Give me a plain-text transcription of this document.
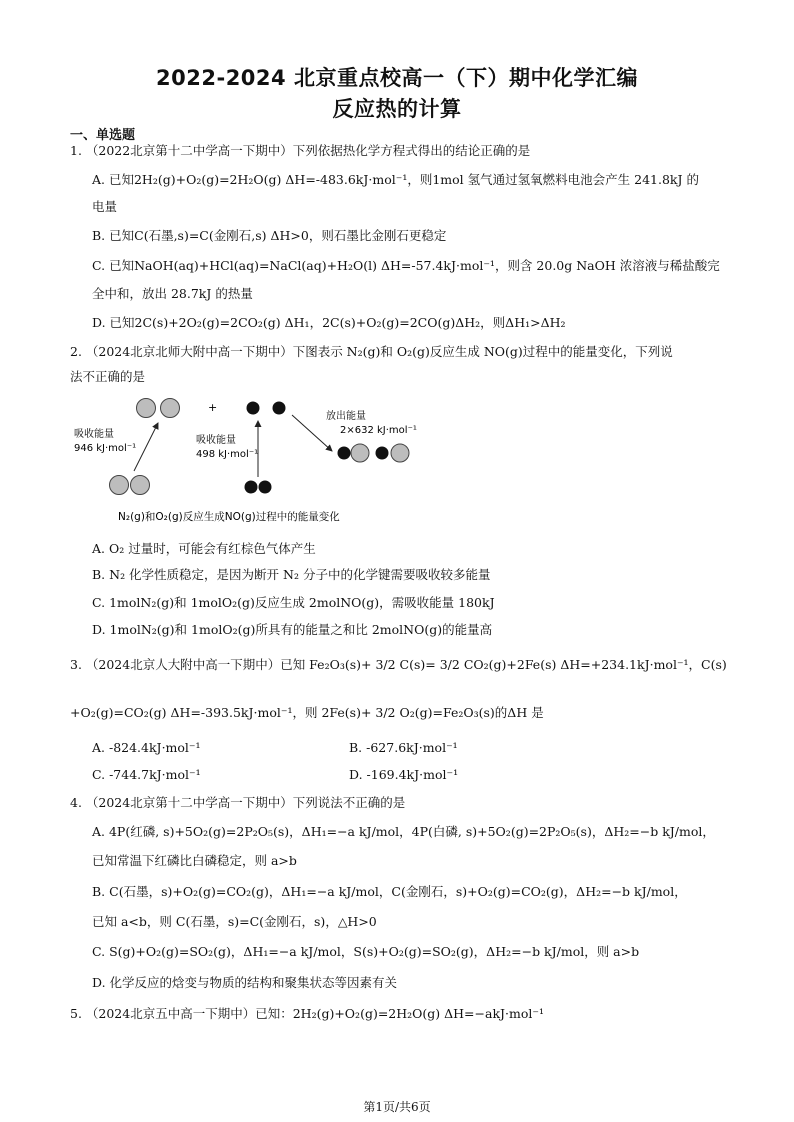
2022-2024 北京重点校高一（下）期中化学汇编
反应热的计算
一、单选题
1. （2022北京第十二中学高一下期中）下列依据热化学方程式得出的结论正确的是
A. 已知2H₂(g)+O₂(g)=2H₂O(g) ΔH=-483.6kJ·mol⁻¹，则1mol 氢气通过氢氧燃料电池会产生 241.8kJ 的
电量
B. 已知C(石墨,s)=C(金刚石,s) ΔH>0，则石墨比金刚石更稳定
C. 已知NaOH(aq)+HCl(aq)=NaCl(aq)+H₂O(l) ΔH=-57.4kJ·mol⁻¹，则含 20.0g NaOH 浓溶液与稀盐酸完
全中和，放出 28.7kJ 的热量
D. 已知2C(s)+2O₂(g)=2CO₂(g) ΔH₁，2C(s)+O₂(g)=2CO(g)ΔH₂，则ΔH₁>ΔH₂
2. （2024北京北师大附中高一下期中）下图表示 N₂(g)和 O₂(g)反应生成 NO(g)过程中的能量变化，下列说
法不正确的是
+
吸收能量
946 kJ·mol⁻¹
吸收能量
498 kJ·mol⁻¹
放出能量
2×632 kJ·mol⁻¹
N₂(g)和O₂(g)反应生成NO(g)过程中的能量变化
A. O₂ 过量时，可能会有红棕色气体产生
B. N₂ 化学性质稳定，是因为断开 N₂ 分子中的化学键需要吸收较多能量
C. 1molN₂(g)和 1molO₂(g)反应生成 2molNO(g)，需吸收能量 180kJ
D. 1molN₂(g)和 1molO₂(g)所具有的能量之和比 2molNO(g)的能量高
3. （2024北京人大附中高一下期中）已知 Fe₂O₃(s)+ 3/2 C(s)= 3/2 CO₂(g)+2Fe(s) ΔH=+234.1kJ·mol⁻¹，C(s)
+O₂(g)=CO₂(g) ΔH=-393.5kJ·mol⁻¹，则 2Fe(s)+ 3/2 O₂(g)=Fe₂O₃(s)的ΔH 是
A. -824.4kJ·mol⁻¹	B. -627.6kJ·mol⁻¹
C. -744.7kJ·mol⁻¹	D. -169.4kJ·mol⁻¹
4. （2024北京第十二中学高一下期中）下列说法不正确的是
A. 4P(红磷, s)+5O₂(g)=2P₂O₅(s)，ΔH₁=−a kJ/mol，4P(白磷, s)+5O₂(g)=2P₂O₅(s)，ΔH₂=−b kJ/mol，
已知常温下红磷比白磷稳定，则 a>b
B. C(石墨，s)+O₂(g)=CO₂(g)，ΔH₁=−a kJ/mol，C(金刚石，s)+O₂(g)=CO₂(g)，ΔH₂=−b kJ/mol，
已知 a<b，则 C(石墨，s)=C(金刚石，s)，△H>0
C. S(g)+O₂(g)=SO₂(g)，ΔH₁=−a kJ/mol，S(s)+O₂(g)=SO₂(g)，ΔH₂=−b kJ/mol，则 a>b
D. 化学反应的焓变与物质的结构和聚集状态等因素有关
5. （2024北京五中高一下期中）已知：2H₂(g)+O₂(g)=2H₂O(g) ΔH=−akJ·mol⁻¹
第1页/共6页
